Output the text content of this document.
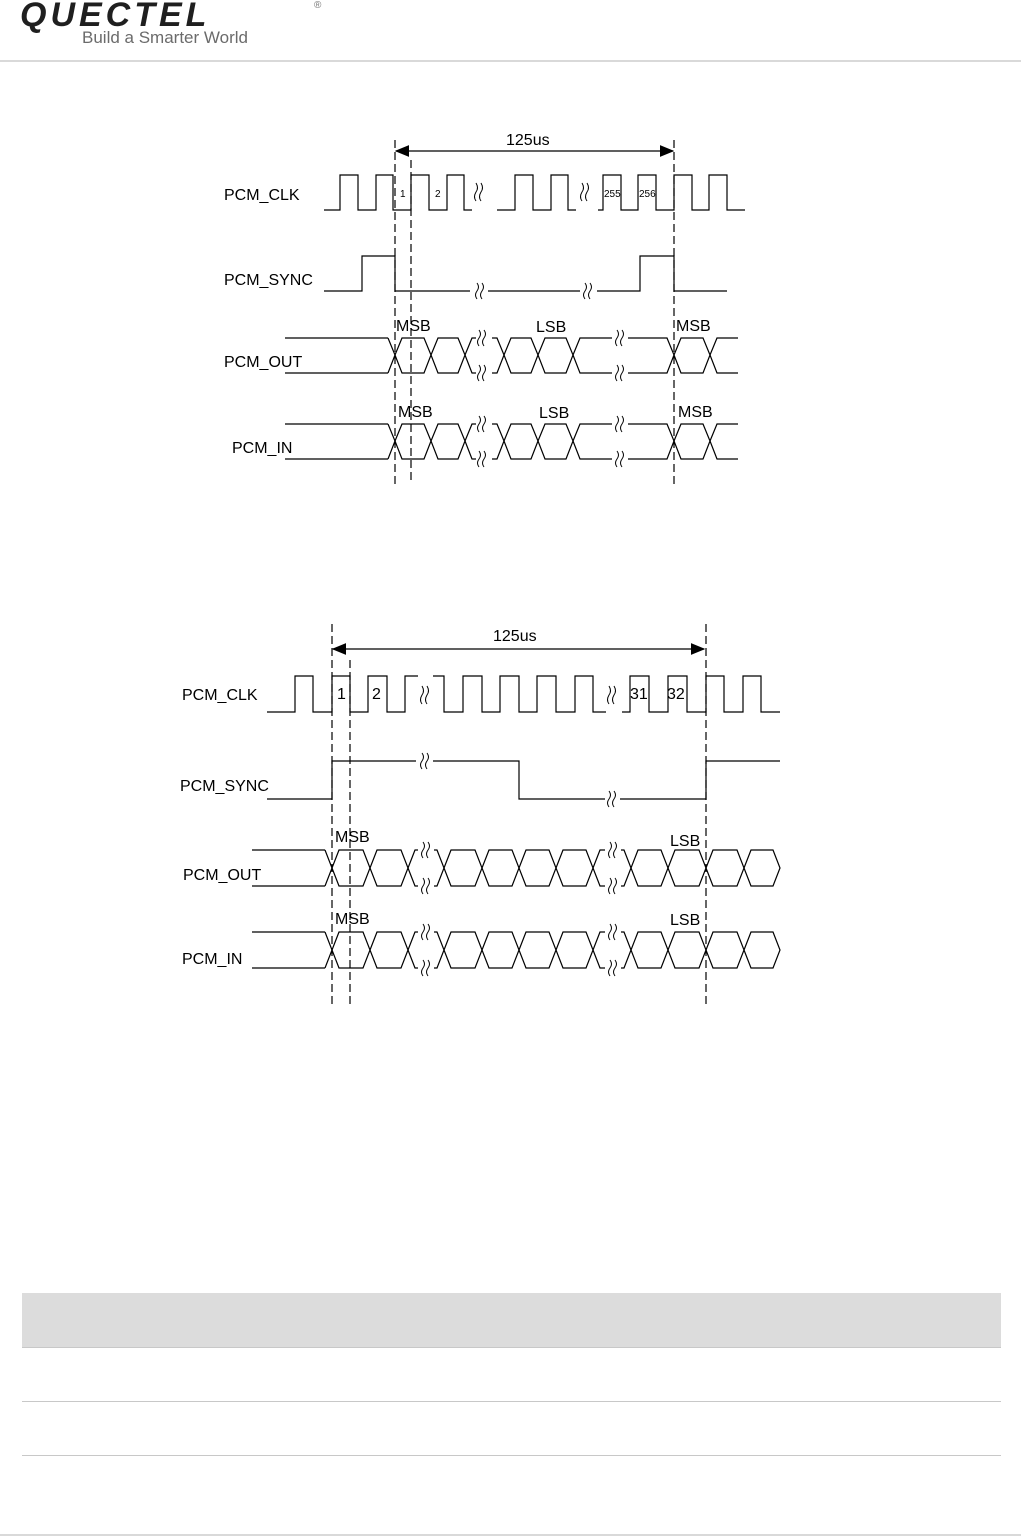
QUECTEL	®
Build a Smarter World
125us
PCM_CLK
PCM_SYNC
PCM_OUT
PCM_IN
1	2	255 256
MSB	LSB	MSB
MSB	LSB	MSB
125us
PCM_CLK
PCM_SYNC
PCM_OUT
PCM_IN
1 2	31 32
MSB	LSB
MSB	LSB
